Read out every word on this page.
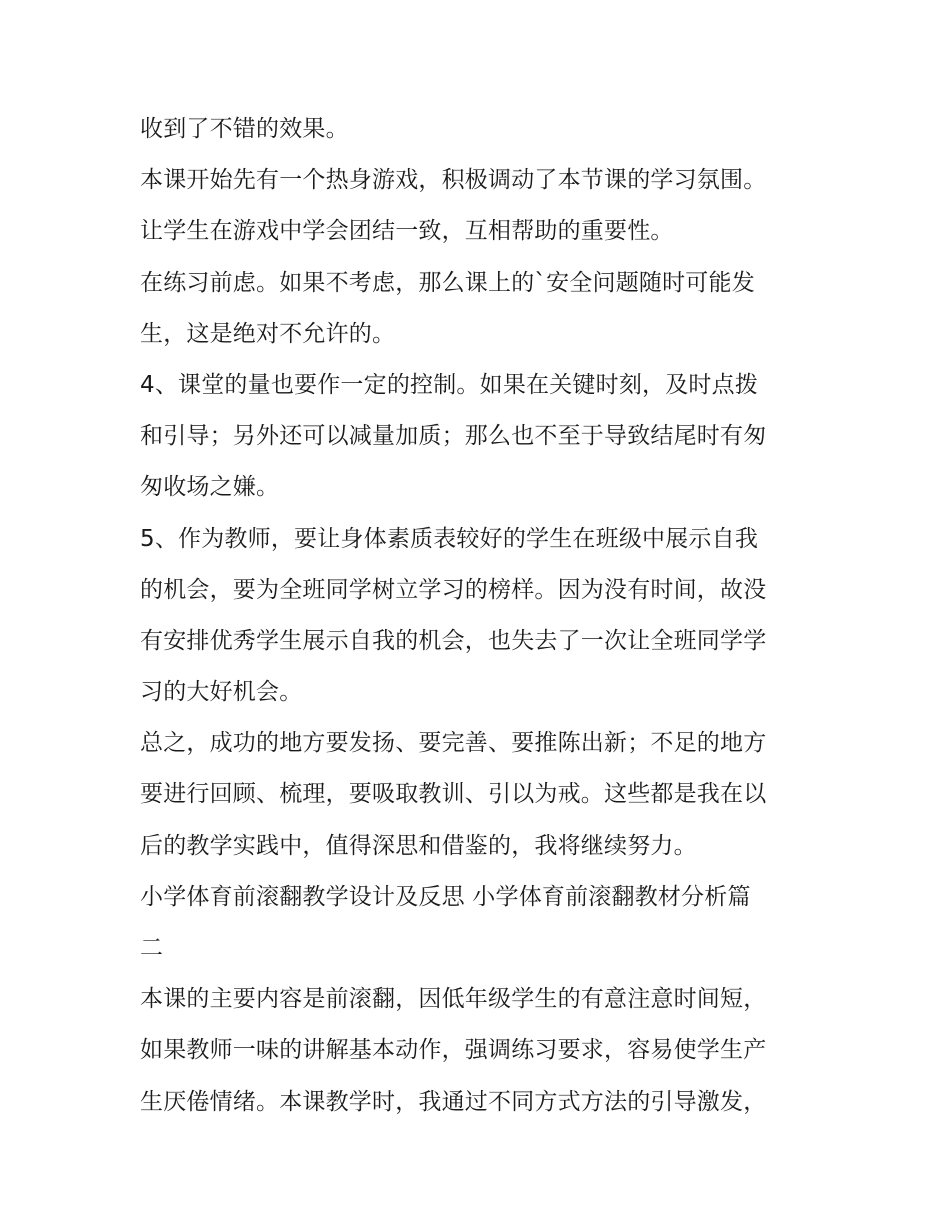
收到了不错的效果。
本课开始先有一个热身游戏，积极调动了本节课的学习氛围。
让学生在游戏中学会团结一致，互相帮助的重要性。
在练习前虑。如果不考虑，那么课上的`安全问题随时可能发
生，这是绝对不允许的。
4、课堂的量也要作一定的控制。如果在关键时刻，及时点拨
和引导；另外还可以减量加质；那么也不至于导致结尾时有匆
匆收场之嫌。
5、作为教师，要让身体素质表较好的学生在班级中展示自我
的机会，要为全班同学树立学习的榜样。因为没有时间，故没
有安排优秀学生展示自我的机会，也失去了一次让全班同学学
习的大好机会。
总之，成功的地方要发扬、要完善、要推陈出新；不足的地方
要进行回顾、梳理，要吸取教训、引以为戒。这些都是我在以
后的教学实践中，值得深思和借鉴的，我将继续努力。
小学体育前滚翻教学设计及反思 小学体育前滚翻教材分析篇
二
本课的主要内容是前滚翻，因低年级学生的有意注意时间短，
如果教师一味的讲解基本动作，强调练习要求，容易使学生产
生厌倦情绪。本课教学时，我通过不同方式方法的引导激发，
